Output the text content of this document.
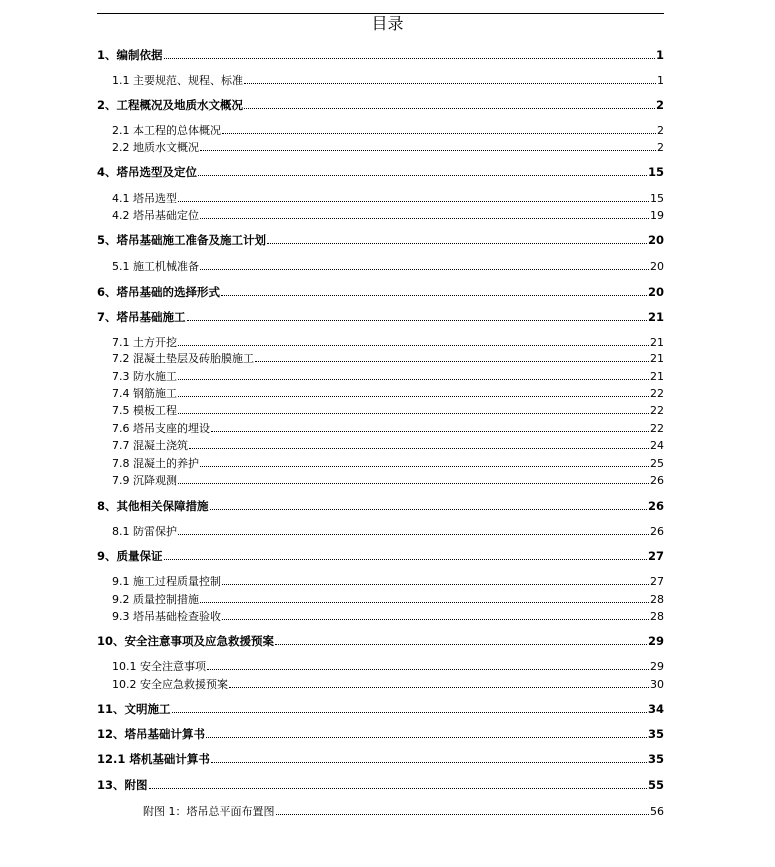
目录
1、编制依据	1
1.1 主要规范、规程、标准	1
2、工程概况及地质水文概况	2
2.1 本工程的总体概况	2
2.2 地质水文概况	2
4、塔吊选型及定位	15
4.1 塔吊选型	15
4.2 塔吊基础定位	19
5、塔吊基础施工准备及施工计划	20
5.1 施工机械准备	20
6、塔吊基础的选择形式	20
7、塔吊基础施工	21
7.1 土方开挖	21
7.2 混凝土垫层及砖胎膜施工	21
7.3 防水施工	21
7.4 钢筋施工	22
7.5 模板工程	22
7.6 塔吊支座的埋设	22
7.7 混凝土浇筑	24
7.8 混凝土的养护	25
7.9 沉降观测	26
8、其他相关保障措施	26
8.1 防雷保护	26
9、质量保证	27
9.1 施工过程质量控制	27
9.2 质量控制措施	28
9.3 塔吊基础检查验收	28
10、安全注意事项及应急救援预案	29
10.1 安全注意事项	29
10.2 安全应急救援预案	30
11、文明施工	34
12、塔吊基础计算书	35
12.1 塔机基础计算书	35
13、附图	55
附图 1：塔吊总平面布置图	56
